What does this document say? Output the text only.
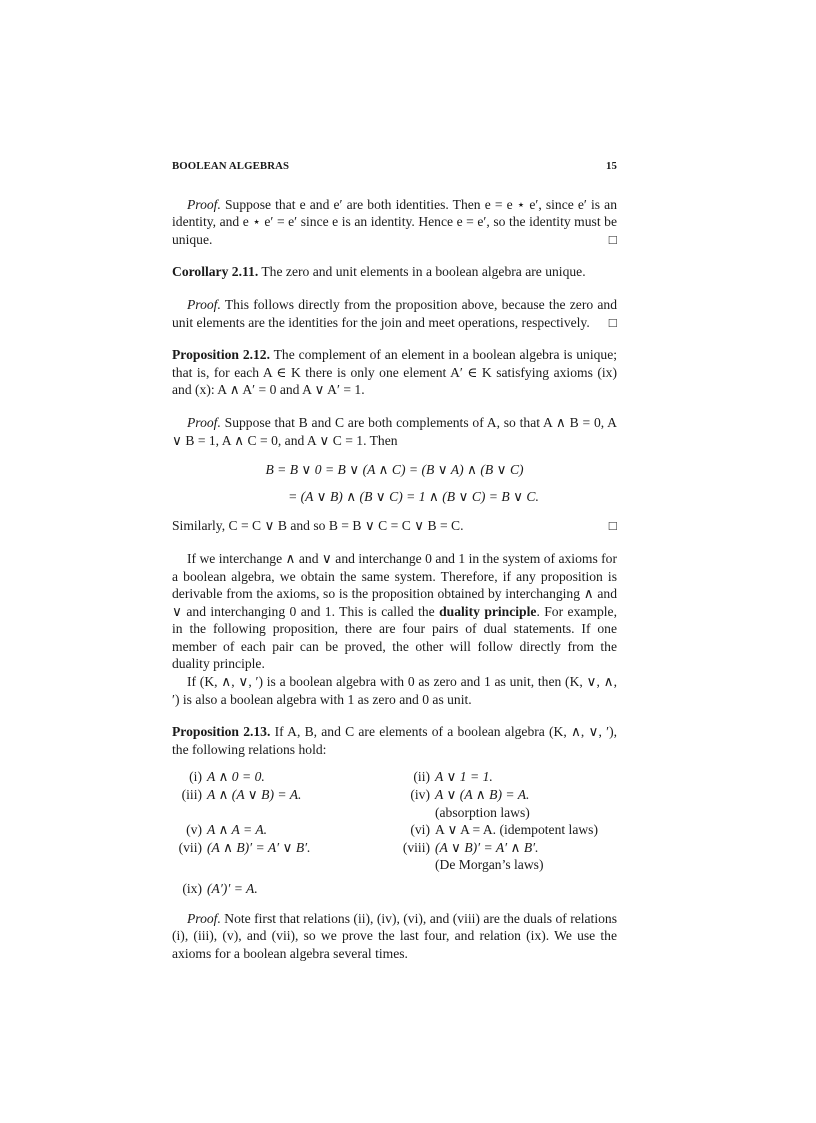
BOOLEAN ALGEBRAS	15

Proof. Suppose that e and e′ are both identities. Then e = e ⋆ e′, since e′ is an identity, and e ⋆ e′ = e′ since e is an identity. Hence e = e′, so the identity must be unique.	□

Corollary 2.11. The zero and unit elements in a boolean algebra are unique.

Proof. This follows directly from the proposition above, because the zero and unit elements are the identities for the join and meet operations, respectively.	□

Proposition 2.12. The complement of an element in a boolean algebra is unique; that is, for each A ∈ K there is only one element A′ ∈ K satisfying axioms (ix) and (x): A ∧ A′ = 0 and A ∨ A′ = 1.

Proof. Suppose that B and C are both complements of A, so that A ∧ B = 0, A ∨ B = 1, A ∧ C = 0, and A ∨ C = 1. Then

B = B ∨ 0 = B ∨ (A ∧ C) = (B ∨ A) ∧ (B ∨ C)
= (A ∨ B) ∧ (B ∨ C) = 1 ∧ (B ∨ C) = B ∨ C.

Similarly, C = C ∨ B and so B = B ∨ C = C ∨ B = C.	□

If we interchange ∧ and ∨ and interchange 0 and 1 in the system of axioms for a boolean algebra, we obtain the same system. Therefore, if any proposition is derivable from the axioms, so is the proposition obtained by interchanging ∧ and ∨ and interchanging 0 and 1. This is called the duality principle. For example, in the following proposition, there are four pairs of dual statements. If one member of each pair can be proved, the other will follow directly from the duality principle.

If (K, ∧, ∨, ′) is a boolean algebra with 0 as zero and 1 as unit, then (K, ∨, ∧, ′) is also a boolean algebra with 1 as zero and 0 as unit.

Proposition 2.13. If A, B, and C are elements of a boolean algebra (K, ∧, ∨, ′), the following relations hold:

(i) A ∧ 0 = 0.	(ii) A ∨ 1 = 1.
(iii) A ∧ (A ∨ B) = A.	(iv) A ∨ (A ∧ B) = A.
(absorption laws)
(v) A ∧ A = A.	(vi) A ∨ A = A. (idempotent laws)
(vii) (A ∧ B)′ = A′ ∨ B′.	(viii) (A ∨ B)′ = A′ ∧ B′.
(De Morgan’s laws)
(ix) (A′)′ = A.

Proof. Note first that relations (ii), (iv), (vi), and (viii) are the duals of relations (i), (iii), (v), and (vii), so we prove the last four, and relation (ix). We use the axioms for a boolean algebra several times.
